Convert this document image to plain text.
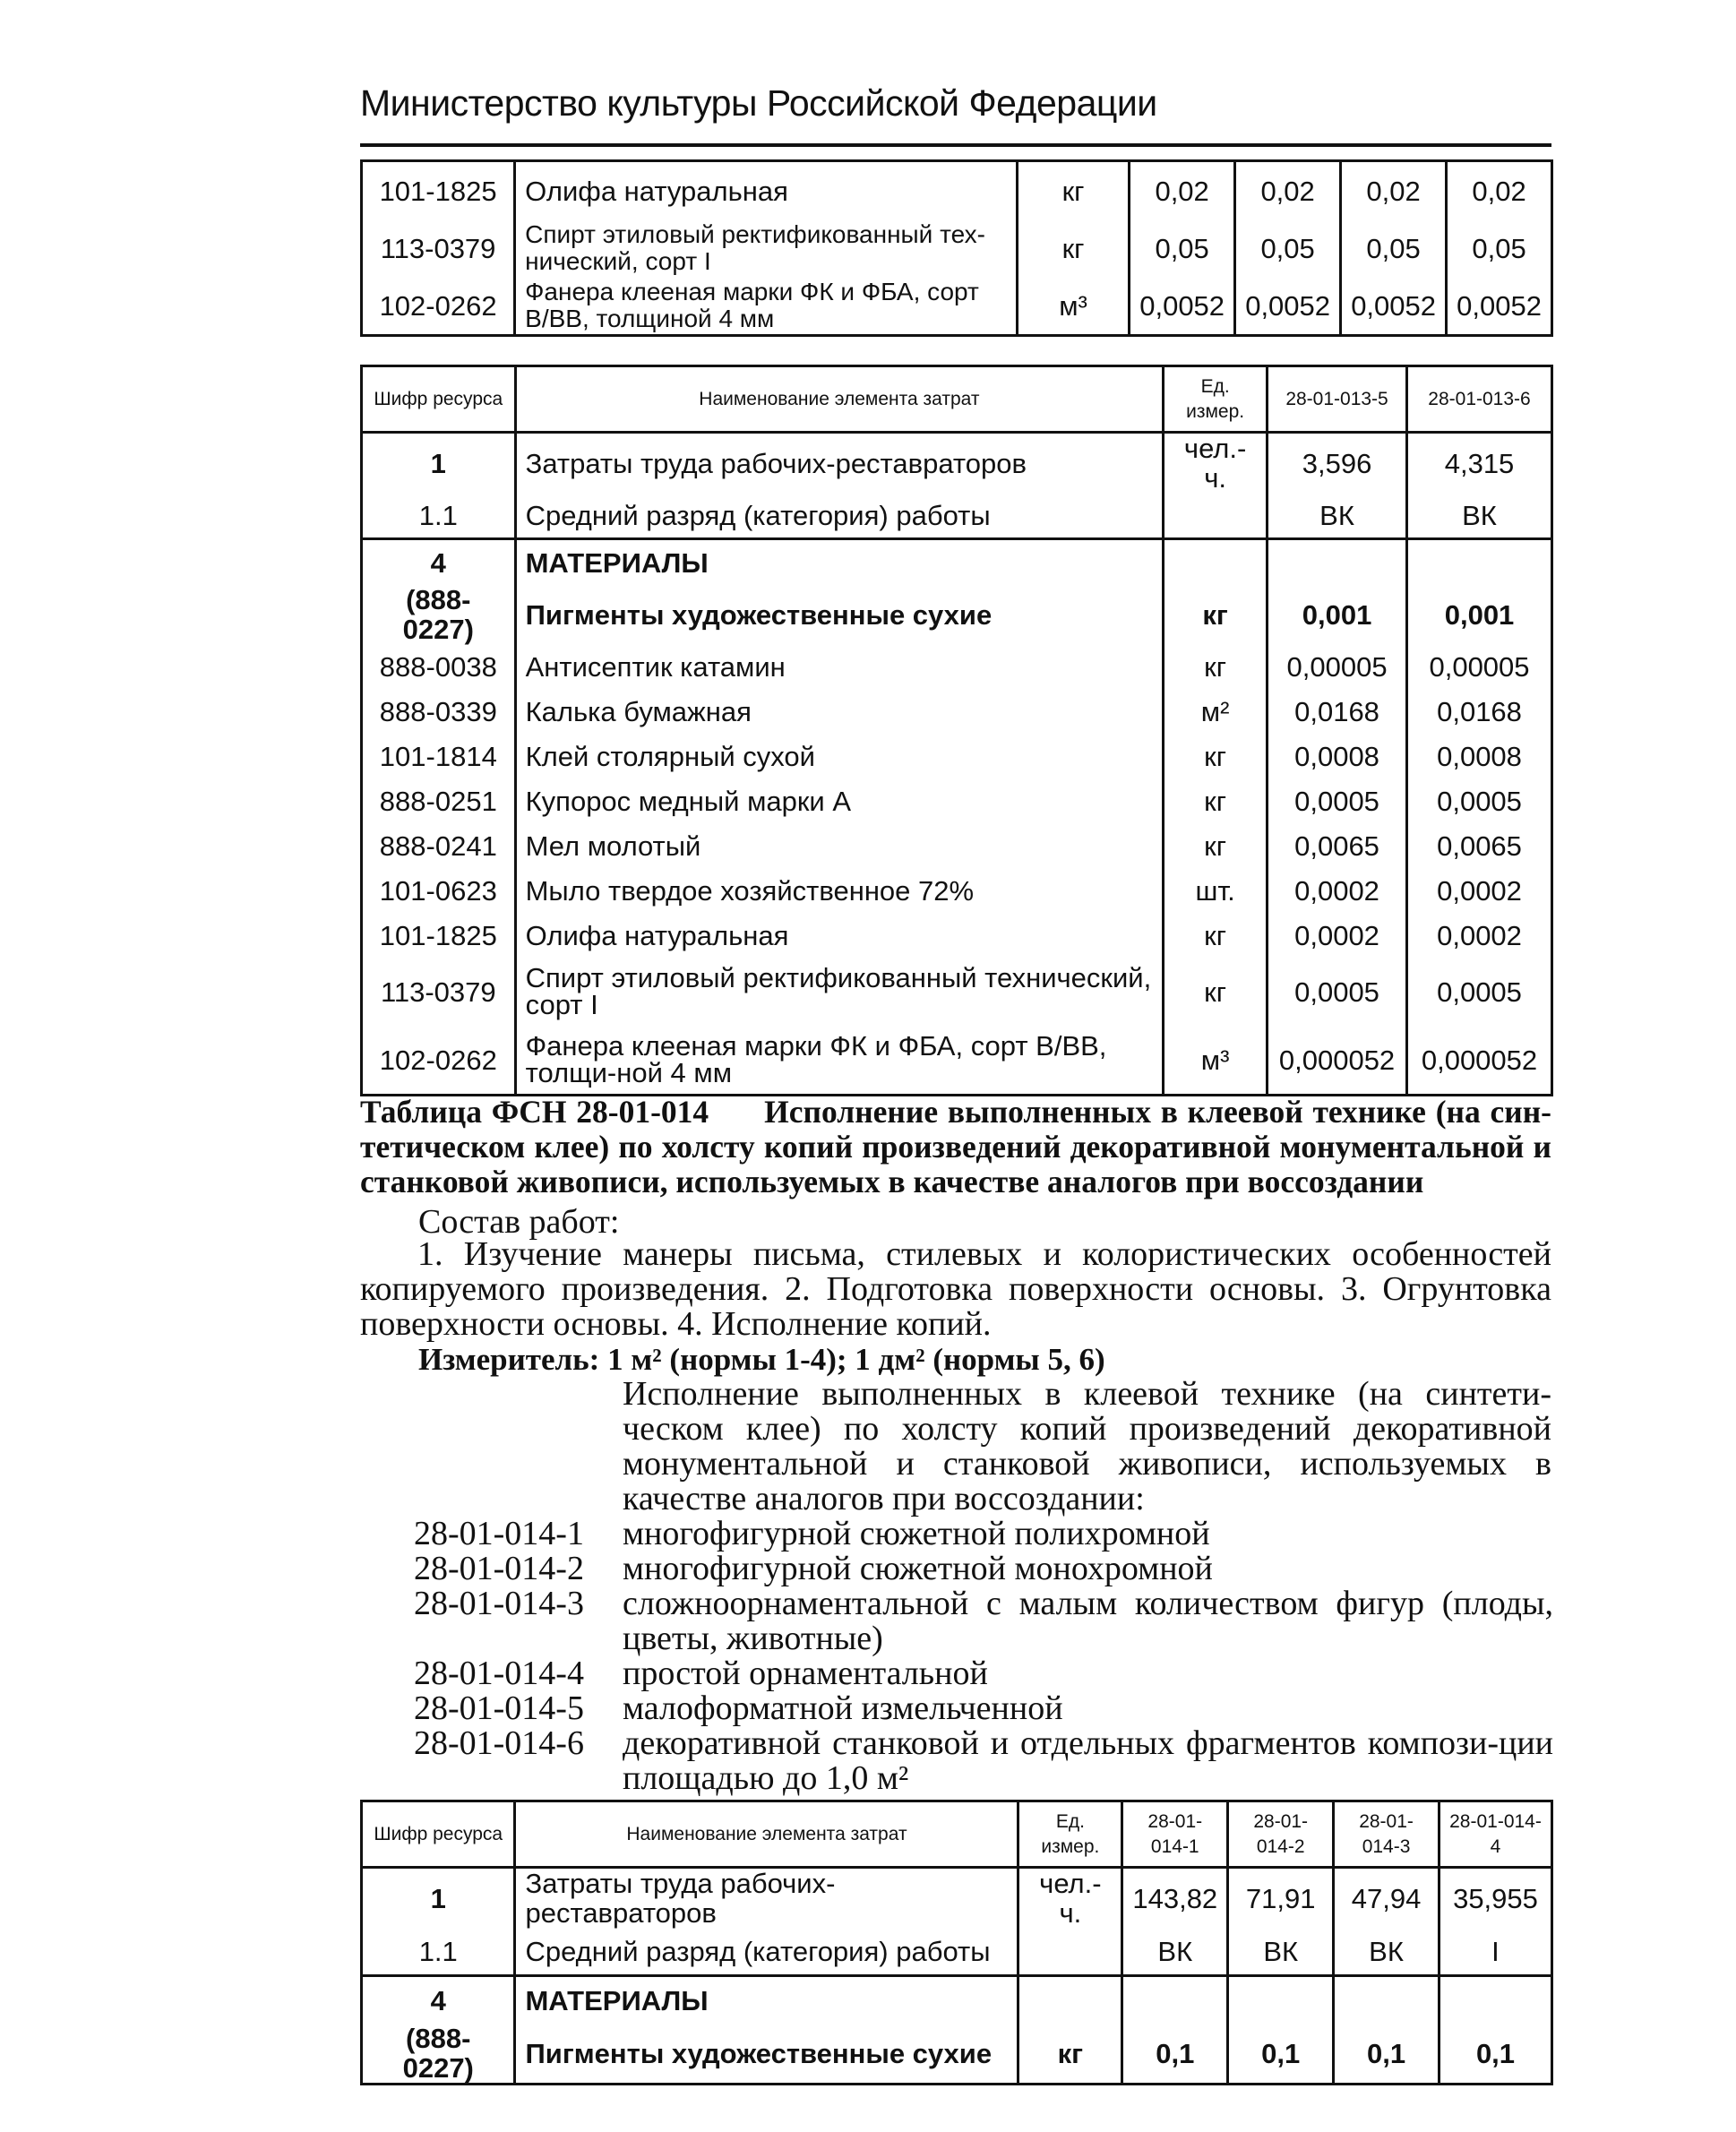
Министерство культуры Российской Федерации
101-1825	Олифа натуральная	кг	0,02	0,02	0,02	0,02
113-0379	Спирт этиловый ректификованный тех-нический, сорт I	кг	0,05	0,05	0,05	0,05
102-0262	Фанера клееная марки ФК и ФБА, сорт В/ВВ, толщиной 4 мм	м³	0,0052	0,0052	0,0052	0,0052
Шифр ресурса	Наименование элемента затрат	Ед. измер.	28-01-013-5	28-01-013-6
1	Затраты труда рабочих-реставраторов	чел.-ч.	3,596	4,315
1.1	Средний разряд (категория) работы		ВК	ВК
4	МАТЕРИАЛЫ			
(888-0227)	Пигменты художественные сухие	кг	0,001	0,001
888-0038	Антисептик катамин	кг	0,00005	0,00005
888-0339	Калька бумажная	м²	0,0168	0,0168
101-1814	Клей столярный сухой	кг	0,0008	0,0008
888-0251	Купорос медный марки А	кг	0,0005	0,0005
888-0241	Мел молотый	кг	0,0065	0,0065
101-0623	Мыло твердое хозяйственное 72%	шт.	0,0002	0,0002
101-1825	Олифа натуральная	кг	0,0002	0,0002
113-0379	Спирт этиловый ректификованный технический, сорт I	кг	0,0005	0,0005
102-0262	Фанера клееная марки ФК и ФБА, сорт В/ВВ, толщи-ной 4 мм	м³	0,000052	0,000052
Таблица ФСН 28-01-014 Исполнение выполненных в клеевой технике (на син-тетическом клее) по холсту копий произведений декоративной монументальной и станковой живописи, используемых в качестве аналогов при воссоздании
Состав работ:
1. Изучение манеры письма, стилевых и колористических особенностей копируемого произведения. 2. Подготовка поверхности основы. 3. Огрунтовка поверхности основы. 4. Исполнение копий.
Измеритель: 1 м² (нормы 1-4); 1 дм² (нормы 5, 6)
Исполнение выполненных в клеевой технике (на синтети-ческом клее) по холсту копий произведений декоративной монументальной и станковой живописи, используемых в качестве аналогов при воссоздании:
28-01-014-1	многофигурной сюжетной полихромной
28-01-014-2	многофигурной сюжетной монохромной
28-01-014-3	сложноорнаментальной с малым количеством фигур (плоды, цветы, животные)
28-01-014-4	простой орнаментальной
28-01-014-5	малоформатной измельченной
28-01-014-6	декоративной станковой и отдельных фрагментов компози-ции площадью до 1,0 м²
Шифр ресурса	Наименование элемента затрат	Ед. измер.	28-01-014-1	28-01-014-2	28-01-014-3	28-01-014-4
1	Затраты труда рабочих-реставраторов	чел.-ч.	143,82	71,91	47,94	35,955
1.1	Средний разряд (категория) работы		ВК	ВК	ВК	I
4	МАТЕРИАЛЫ					
(888-0227)	Пигменты художественные сухие	кг	0,1	0,1	0,1	0,1
